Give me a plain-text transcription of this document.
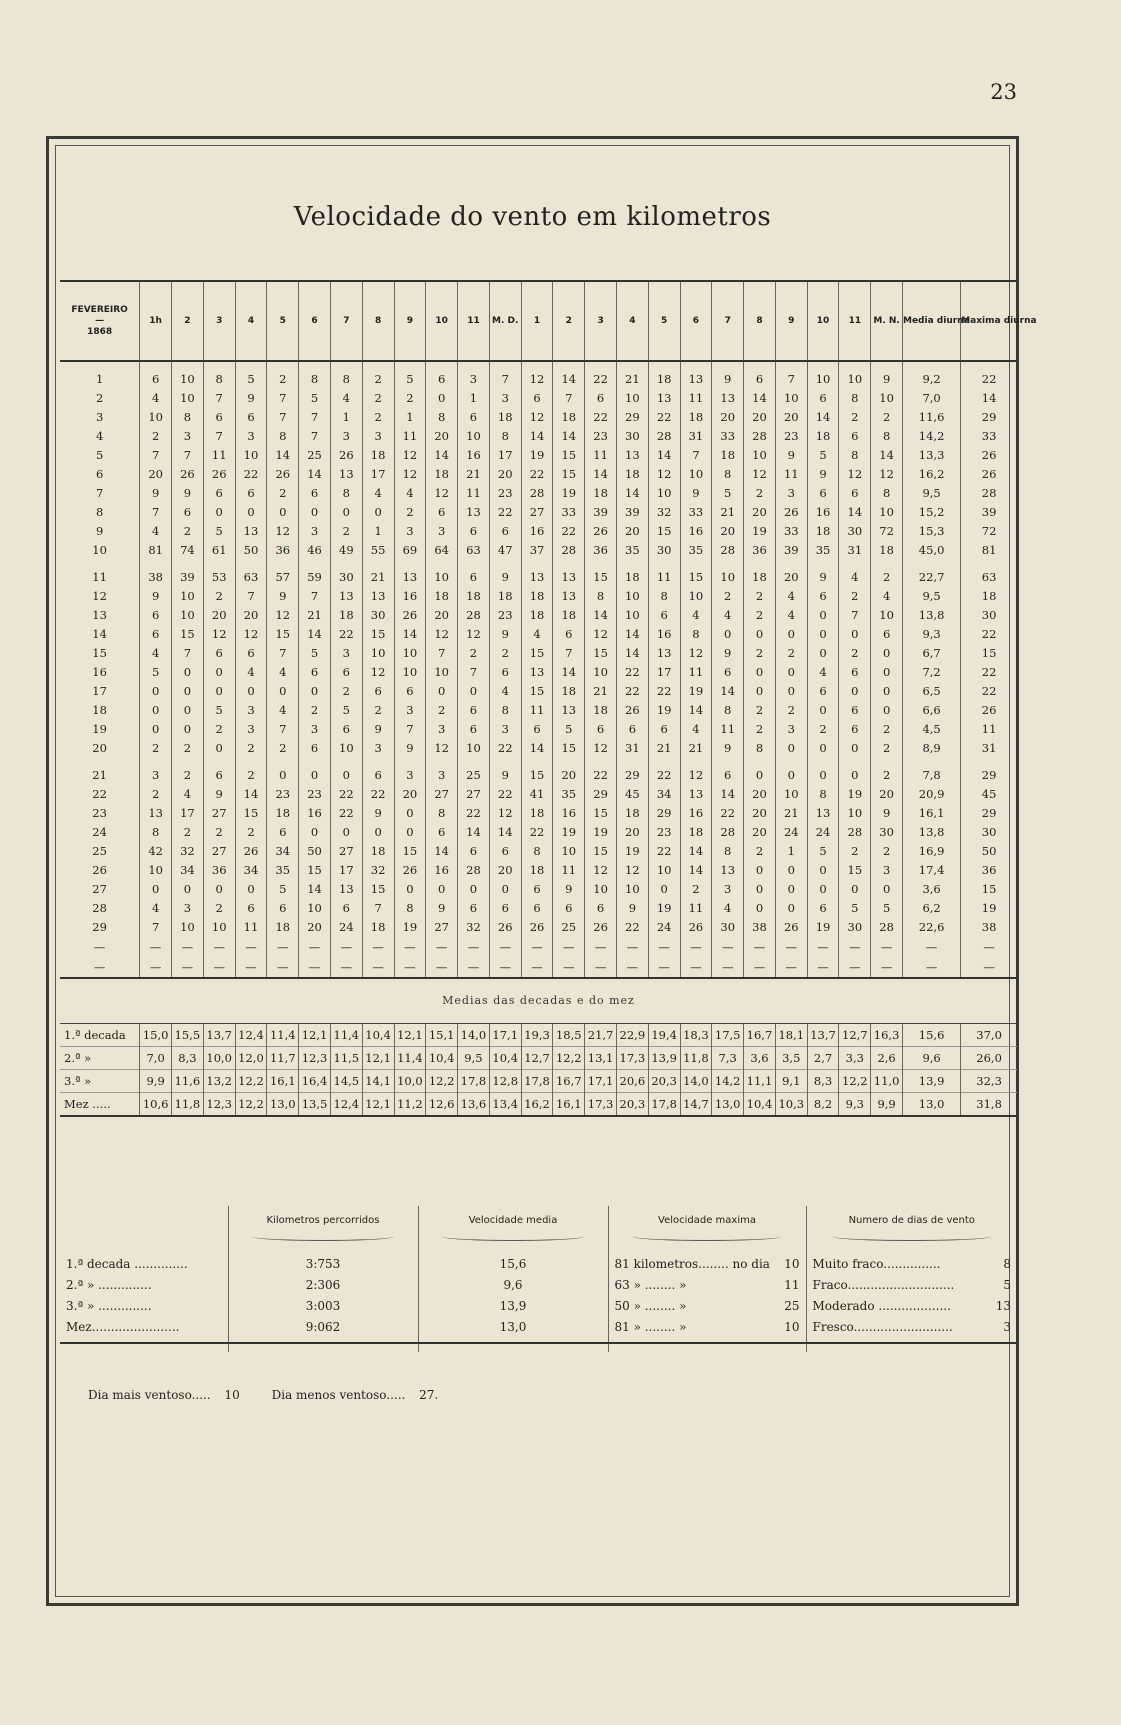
23
Velocidade do vento em kilometros
FEVEREIRO
—
1868	1h	2	3	4	5	6	7	8	9	10	11	M. D.	1	2	3	4	5	6	7	8	9	10	11	M. N.	Media diurna	Maxima diurna

1	6	10	8	5	2	8	8	2	5	6	3	7	12	14	22	21	18	13	9	6	7	10	10	9	9,2	22
2	4	10	7	9	7	5	4	2	2	0	1	3	6	7	6	10	13	11	13	14	10	6	8	10	7,0	14
3	10	8	6	6	7	7	1	2	1	8	6	18	12	18	22	29	22	18	20	20	20	14	2	2	11,6	29
4	2	3	7	3	8	7	3	3	11	20	10	8	14	14	23	30	28	31	33	28	23	18	6	8	14,2	33
5	7	7	11	10	14	25	26	18	12	14	16	17	19	15	11	13	14	7	18	10	9	5	8	14	13,3	26
6	20	26	26	22	26	14	13	17	12	18	21	20	22	15	14	18	12	10	8	12	11	9	12	12	16,2	26
7	9	9	6	6	2	6	8	4	4	12	11	23	28	19	18	14	10	9	5	2	3	6	6	8	9,5	28
8	7	6	0	0	0	0	0	0	2	6	13	22	27	33	39	39	32	33	21	20	26	16	14	10	15,2	39
9	4	2	5	13	12	3	2	1	3	3	6	6	16	22	26	20	15	16	20	19	33	18	30	72	15,3	72
10	81	74	61	50	36	46	49	55	69	64	63	47	37	28	36	35	30	35	28	36	39	35	31	18	45,0	81

11	38	39	53	63	57	59	30	21	13	10	6	9	13	13	15	18	11	15	10	18	20	9	4	2	22,7	63
12	9	10	2	7	9	7	13	13	16	18	18	18	18	13	8	10	8	10	2	2	4	6	2	4	9,5	18
13	6	10	20	20	12	21	18	30	26	20	28	23	18	18	14	10	6	4	4	2	4	0	7	10	13,8	30
14	6	15	12	12	15	14	22	15	14	12	12	9	4	6	12	14	16	8	0	0	0	0	0	6	9,3	22
15	4	7	6	6	7	5	3	10	10	7	2	2	15	7	15	14	13	12	9	2	2	0	2	0	6,7	15
16	5	0	0	4	4	6	6	12	10	10	7	6	13	14	10	22	17	11	6	0	0	4	6	0	7,2	22
17	0	0	0	0	0	0	2	6	6	0	0	4	15	18	21	22	22	19	14	0	0	6	0	0	6,5	22
18	0	0	5	3	4	2	5	2	3	2	6	8	11	13	18	26	19	14	8	2	2	0	6	0	6,6	26
19	0	0	2	3	7	3	6	9	7	3	6	3	6	5	6	6	6	4	11	2	3	2	6	2	4,5	11
20	2	2	0	2	2	6	10	3	9	12	10	22	14	15	12	31	21	21	9	8	0	0	0	2	8,9	31

21	3	2	6	2	0	0	0	6	3	3	25	9	15	20	22	29	22	12	6	0	0	0	0	2	7,8	29
22	2	4	9	14	23	23	22	22	20	27	27	22	41	35	29	45	34	13	14	20	10	8	19	20	20,9	45
23	13	17	27	15	18	16	22	9	0	8	22	12	18	16	15	18	29	16	22	20	21	13	10	9	16,1	29
24	8	2	2	2	6	0	0	0	0	6	14	14	22	19	19	20	23	18	28	20	24	24	28	30	13,8	30
25	42	32	27	26	34	50	27	18	15	14	6	6	8	10	15	19	22	14	8	2	1	5	2	2	16,9	50
26	10	34	36	34	35	15	17	32	26	16	28	20	18	11	12	12	10	14	13	0	0	0	15	3	17,4	36
27	0	0	0	0	5	14	13	15	0	0	0	0	6	9	10	10	0	2	3	0	0	0	0	0	3,6	15
28	4	3	2	6	6	10	6	7	8	9	6	6	6	6	6	9	19	11	4	0	0	6	5	5	6,2	19
29	7	10	10	11	18	20	24	18	19	27	32	26	26	25	26	22	24	26	30	38	26	19	30	28	22,6	38
—	—	—	—	—	—	—	—	—	—	—	—	—	—	—	—	—	—	—	—	—	—	—	—	—	—	—
—	—	—	—	—	—	—	—	—	—	—	—	—	—	—	—	—	—	—	—	—	—	—	—	—	—	—
Medias das decadas e do mez																										
1.ª decada	15,0	15,5	13,7	12,4	11,4	12,1	11,4	10,4	12,1	15,1	14,0	17,1	19,3	18,5	21,7	22,9	19,4	18,3	17,5	16,7	18,1	13,7	12,7	16,3	15,6	37,0
2.ª »	7,0	8,3	10,0	12,0	11,7	12,3	11,5	12,1	11,4	10,4	9,5	10,4	12,7	12,2	13,1	17,3	13,9	11,8	7,3	3,6	3,5	2,7	3,3	2,6	9,6	26,0
3.ª »	9,9	11,6	13,2	12,2	16,1	16,4	14,5	14,1	10,0	12,2	17,8	12,8	17,8	16,7	17,1	20,6	20,3	14,0	14,2	11,1	9,1	8,3	12,2	11,0	13,9	32,3
Mez .....	10,6	11,8	12,3	12,2	13,0	13,5	12,4	12,1	11,2	12,6	13,6	13,4	16,2	16,1	17,3	20,3	17,8	14,7	13,0	10,4	10,3	8,2	9,3	9,9	13,0	31,8
	Kilometros percorridos	Velocidade media	Velocidade maxima	Numero de dias de vento

1.ª decada ..............	3:753	15,6	81 kilometros........ no dia 10	Muito fraco............... 8

2.ª » ..............	2:306	9,6	63 » ........ » 11	Fraco............................ 5

3.ª » ..............	3:003	13,9	50 » ........ » 25	Moderado ................... 13

Mez.......................	9:062	13,0	81 » ........ » 10	Fresco.......................... 3

Dia mais ventoso..... 10	Dia menos ventoso..... 27.
